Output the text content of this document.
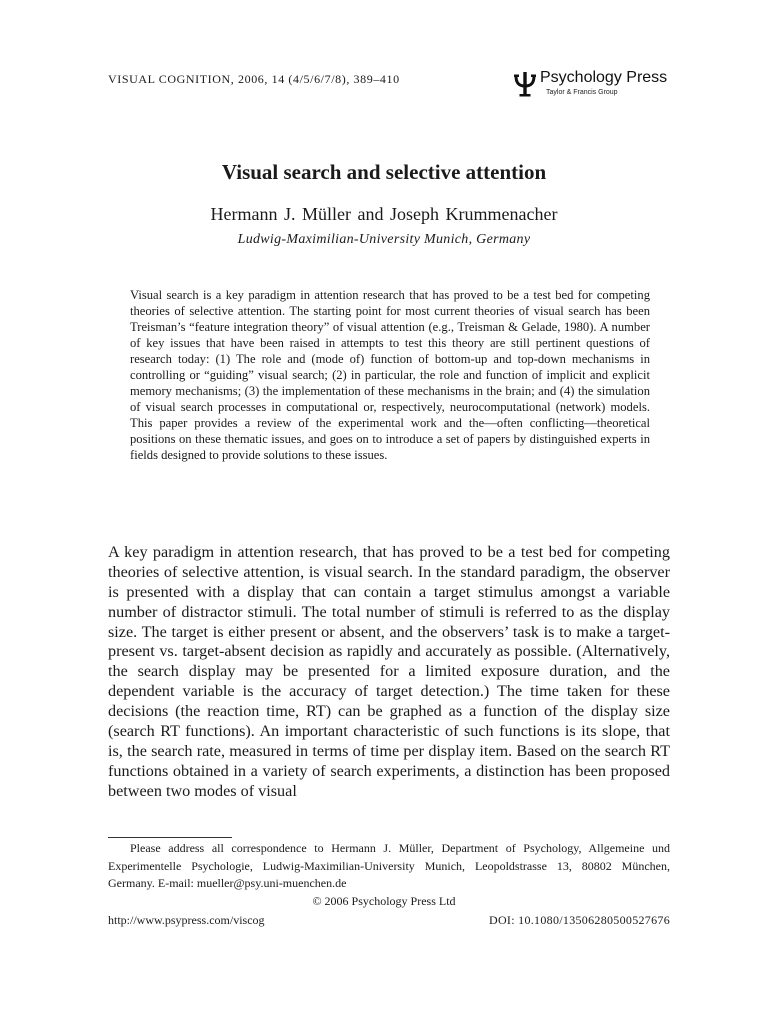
VISUAL COGNITION, 2006, 14 (4/5/6/7/8), 389–410	Psychology Press
Taylor & Francis Group
Visual search and selective attention
Hermann J. Müller and Joseph Krummenacher
Ludwig-Maximilian-University Munich, Germany

Visual search is a key paradigm in attention research that has proved to be a test bed for competing theories of selective attention. The starting point for most current theories of visual search has been Treisman’s “feature integration theory” of visual attention (e.g., Treisman & Gelade, 1980). A number of key issues that have been raised in attempts to test this theory are still pertinent questions of research today: (1) The role and (mode of) function of bottom-up and top-down mechanisms in controlling or “guiding” visual search; (2) in particular, the role and function of implicit and explicit memory mechanisms; (3) the implementation of these mechanisms in the brain; and (4) the simulation of visual search processes in computational or, respectively, neurocomputational (network) models. This paper provides a review of the experimental work and the—often conflicting—theoretical positions on these thematic issues, and goes on to introduce a set of papers by distinguished experts in fields designed to provide solutions to these issues.

A key paradigm in attention research, that has proved to be a test bed for competing theories of selective attention, is visual search. In the standard paradigm, the observer is presented with a display that can contain a target stimulus amongst a variable number of distractor stimuli. The total number of stimuli is referred to as the display size. The target is either present or absent, and the observers’ task is to make a target-present vs. target-absent decision as rapidly and accurately as possible. (Alternatively, the search display may be presented for a limited exposure duration, and the dependent variable is the accuracy of target detection.) The time taken for these decisions (the reaction time, RT) can be graphed as a function of the display size (search RT functions). An important characteristic of such functions is its slope, that is, the search rate, measured in terms of time per display item. Based on the search RT functions obtained in a variety of search experiments, a distinction has been proposed between two modes of visual

Please address all correspondence to Hermann J. Müller, Department of Psychology, Allgemeine und Experimentelle Psychologie, Ludwig-Maximilian-University Munich, Leopoldstrasse 13, 80802 München, Germany. E-mail: mueller@psy.uni-muenchen.de

© 2006 Psychology Press Ltd
http://www.psypress.com/viscog	DOI: 10.1080/13506280500527676
